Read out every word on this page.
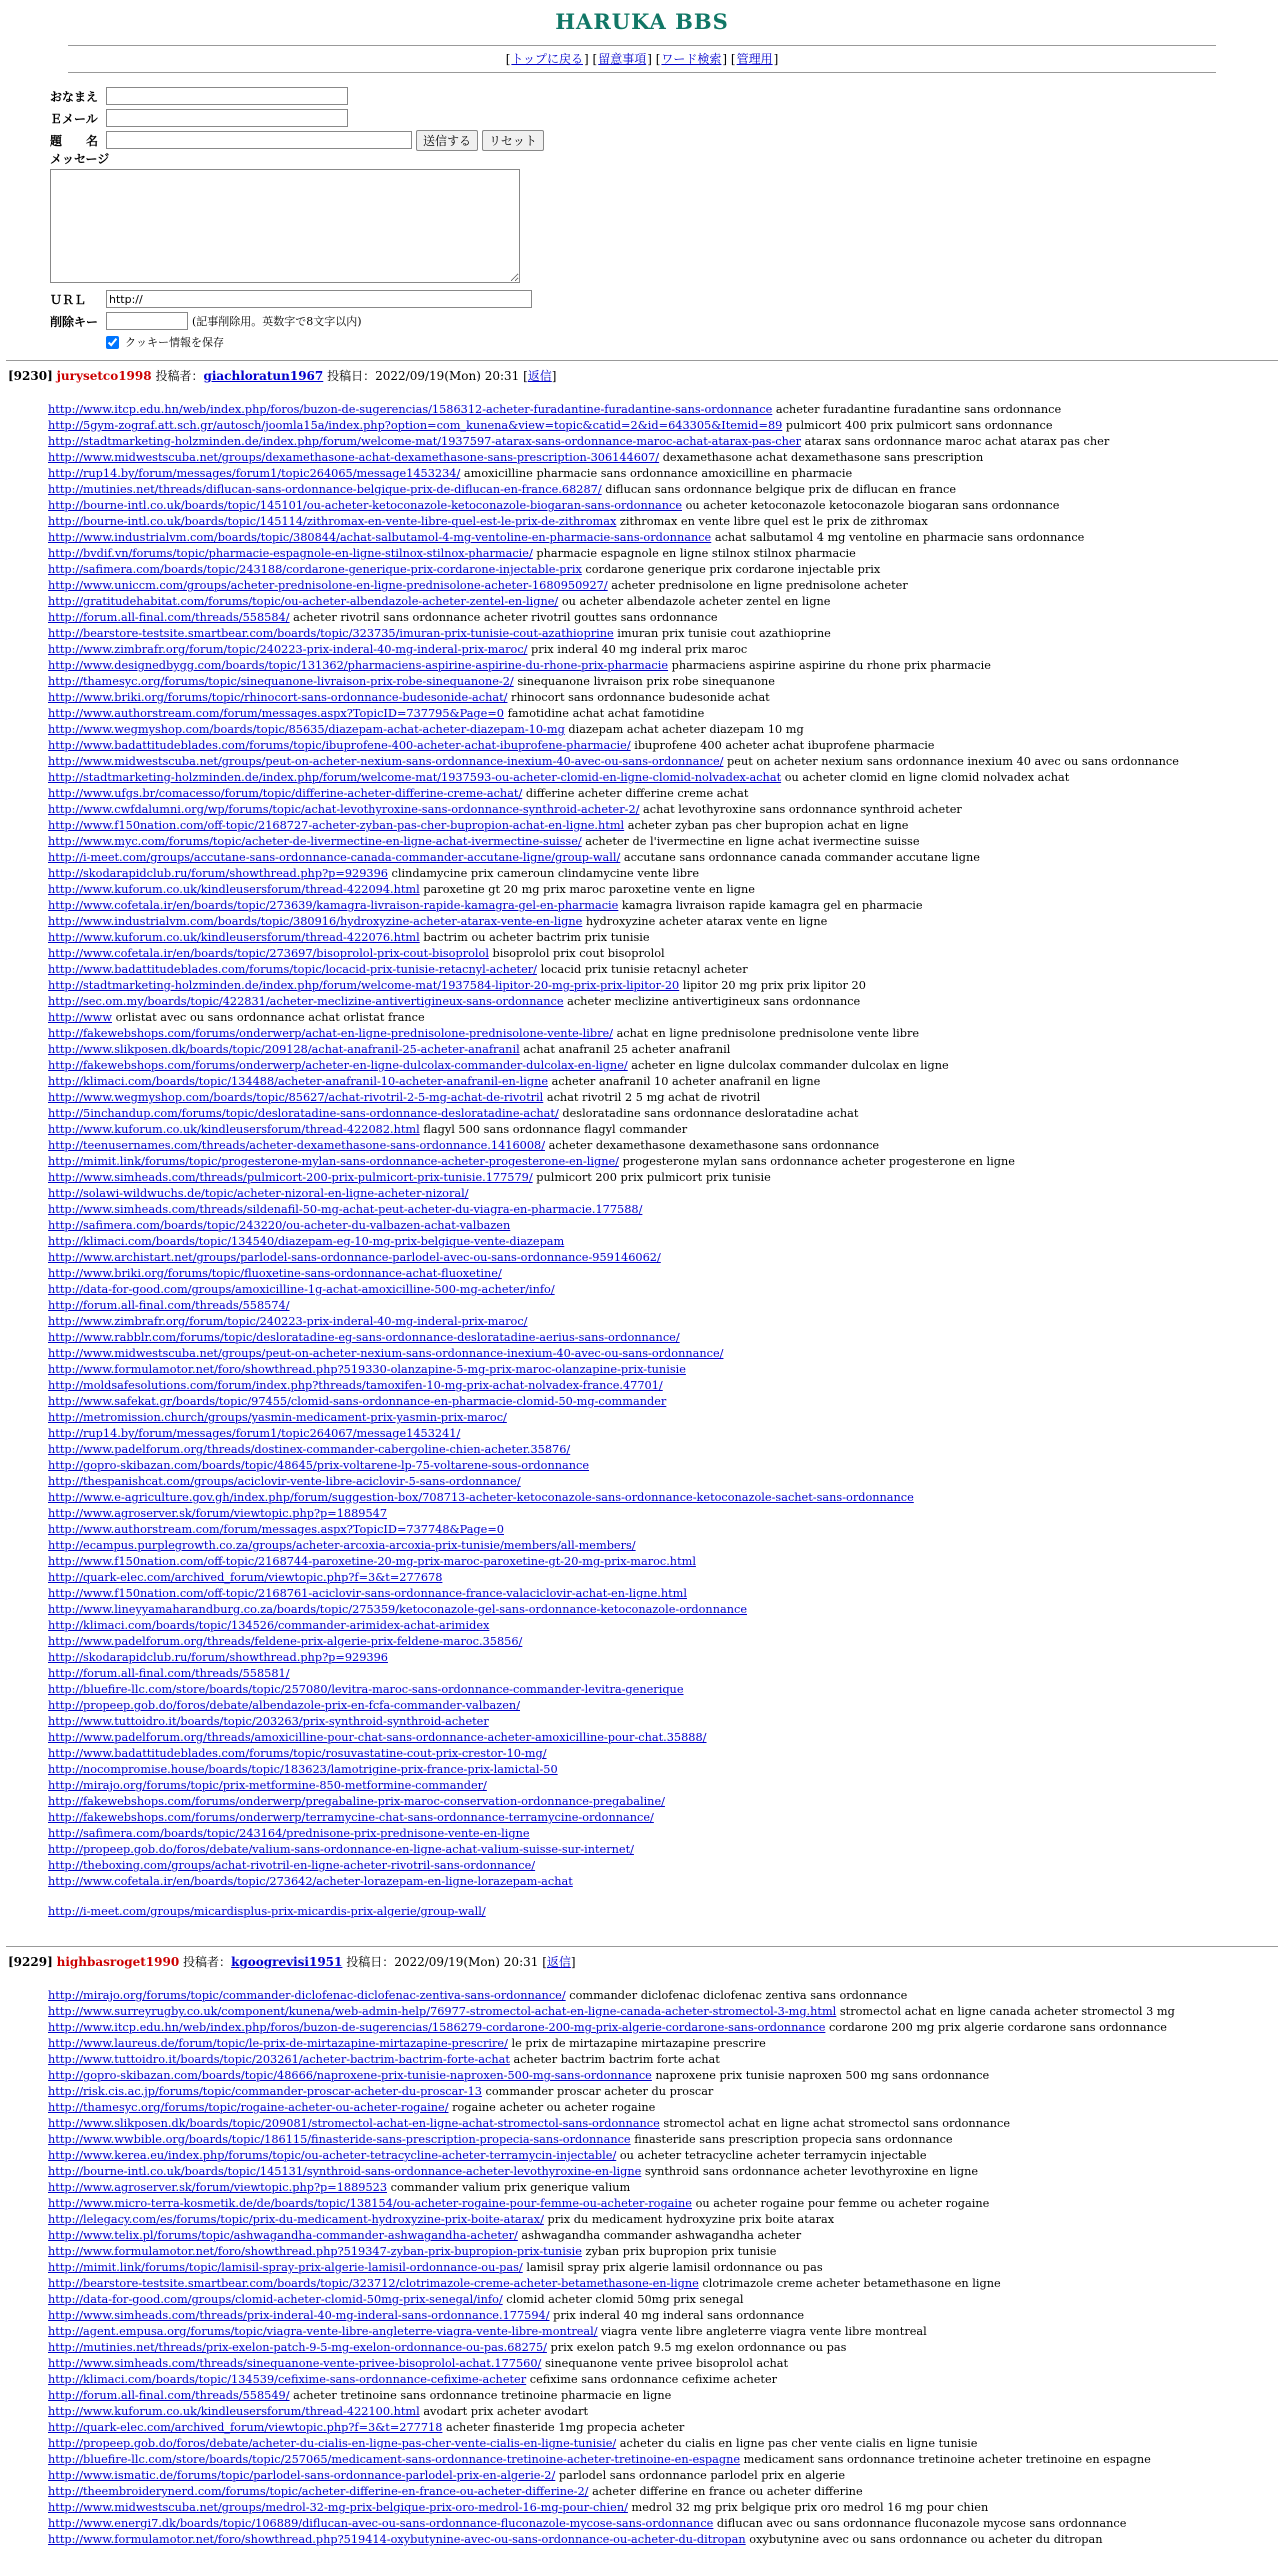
HARUKA BBS
[トップに戻る] [留意事項] [ワード検索] [管理用]
おなまえ
Ｅメール
題　　名	送信する	リセット
メッセージ
ＵＲＬ
http://
削除キー	(記事削除用。英数字で8文字以内)
クッキー情報を保存
[9230] jurysetco1998 投稿者：giachloratun1967 投稿日：2022/09/19(Mon) 20:31 [返信]
http://www.itcp.edu.hn/web/index.php/foros/buzon-de-sugerencias/1586312-acheter-furadantine-furadantine-sans-ordonnance acheter furadantine furadantine sans ordonnance
http://5gym-zograf.att.sch.gr/autosch/joomla15a/index.php?option=com_kunena&view=topic&catid=2&id=643305&Itemid=89 pulmicort 400 prix pulmicort sans ordonnance
http://stadtmarketing-holzminden.de/index.php/forum/welcome-mat/1937597-atarax-sans-ordonnance-maroc-achat-atarax-pas-cher atarax sans ordonnance maroc achat atarax pas cher
http://www.midwestscuba.net/groups/dexamethasone-achat-dexamethasone-sans-prescription-306144607/ dexamethasone achat dexamethasone sans prescription
http://rup14.by/forum/messages/forum1/topic264065/message1453234/ amoxicilline pharmacie sans ordonnance amoxicilline en pharmacie
http://mutinies.net/threads/diflucan-sans-ordonnance-belgique-prix-de-diflucan-en-france.68287/ diflucan sans ordonnance belgique prix de diflucan en france
http://bourne-intl.co.uk/boards/topic/145101/ou-acheter-ketoconazole-ketoconazole-biogaran-sans-ordonnance ou acheter ketoconazole ketoconazole biogaran sans ordonnance
http://bourne-intl.co.uk/boards/topic/145114/zithromax-en-vente-libre-quel-est-le-prix-de-zithromax zithromax en vente libre quel est le prix de zithromax
http://www.industrialvm.com/boards/topic/380844/achat-salbutamol-4-mg-ventoline-en-pharmacie-sans-ordonnance achat salbutamol 4 mg ventoline en pharmacie sans ordonnance
http://bvdif.vn/forums/topic/pharmacie-espagnole-en-ligne-stilnox-stilnox-pharmacie/ pharmacie espagnole en ligne stilnox stilnox pharmacie
http://safimera.com/boards/topic/243188/cordarone-generique-prix-cordarone-injectable-prix cordarone generique prix cordarone injectable prix
http://www.uniccm.com/groups/acheter-prednisolone-en-ligne-prednisolone-acheter-1680950927/ acheter prednisolone en ligne prednisolone acheter
http://gratitudehabitat.com/forums/topic/ou-acheter-albendazole-acheter-zentel-en-ligne/ ou acheter albendazole acheter zentel en ligne
http://forum.all-final.com/threads/558584/ acheter rivotril sans ordonnance acheter rivotril gouttes sans ordonnance
http://bearstore-testsite.smartbear.com/boards/topic/323735/imuran-prix-tunisie-cout-azathioprine imuran prix tunisie cout azathioprine
http://www.zimbrafr.org/forum/topic/240223-prix-inderal-40-mg-inderal-prix-maroc/ prix inderal 40 mg inderal prix maroc
http://www.designedbygg.com/boards/topic/131362/pharmaciens-aspirine-aspirine-du-rhone-prix-pharmacie pharmaciens aspirine aspirine du rhone prix pharmacie
http://thamesyc.org/forums/topic/sinequanone-livraison-prix-robe-sinequanone-2/ sinequanone livraison prix robe sinequanone
http://www.briki.org/forums/topic/rhinocort-sans-ordonnance-budesonide-achat/ rhinocort sans ordonnance budesonide achat
http://www.authorstream.com/forum/messages.aspx?TopicID=737795&Page=0 famotidine achat achat famotidine
http://www.wegmyshop.com/boards/topic/85635/diazepam-achat-acheter-diazepam-10-mg diazepam achat acheter diazepam 10 mg
http://www.badattitudeblades.com/forums/topic/ibuprofene-400-acheter-achat-ibuprofene-pharmacie/ ibuprofene 400 acheter achat ibuprofene pharmacie
http://www.midwestscuba.net/groups/peut-on-acheter-nexium-sans-ordonnance-inexium-40-avec-ou-sans-ordonnance/ peut on acheter nexium sans ordonnance inexium 40 avec ou sans ordonnance
http://stadtmarketing-holzminden.de/index.php/forum/welcome-mat/1937593-ou-acheter-clomid-en-ligne-clomid-nolvadex-achat ou acheter clomid en ligne clomid nolvadex achat
http://www.ufgs.br/comacesso/forum/topic/differine-acheter-differine-creme-achat/ differine acheter differine creme achat
http://www.cwfdalumni.org/wp/forums/topic/achat-levothyroxine-sans-ordonnance-synthroid-acheter-2/ achat levothyroxine sans ordonnance synthroid acheter
http://www.f150nation.com/off-topic/2168727-acheter-zyban-pas-cher-bupropion-achat-en-ligne.html acheter zyban pas cher bupropion achat en ligne
http://www.myc.com/forums/topic/acheter-de-livermectine-en-ligne-achat-ivermectine-suisse/ acheter de l'ivermectine en ligne achat ivermectine suisse
http://i-meet.com/groups/accutane-sans-ordonnance-canada-commander-accutane-ligne/group-wall/ accutane sans ordonnance canada commander accutane ligne
http://skodarapidclub.ru/forum/showthread.php?p=929396 clindamycine prix cameroun clindamycine vente libre
http://www.kuforum.co.uk/kindleusersforum/thread-422094.html paroxetine gt 20 mg prix maroc paroxetine vente en ligne
http://www.cofetala.ir/en/boards/topic/273639/kamagra-livraison-rapide-kamagra-gel-en-pharmacie kamagra livraison rapide kamagra gel en pharmacie
http://www.industrialvm.com/boards/topic/380916/hydroxyzine-acheter-atarax-vente-en-ligne hydroxyzine acheter atarax vente en ligne
http://www.kuforum.co.uk/kindleusersforum/thread-422076.html bactrim ou acheter bactrim prix tunisie
http://www.cofetala.ir/en/boards/topic/273697/bisoprolol-prix-cout-bisoprolol bisoprolol prix cout bisoprolol
http://www.badattitudeblades.com/forums/topic/locacid-prix-tunisie-retacnyl-acheter/ locacid prix tunisie retacnyl acheter
http://stadtmarketing-holzminden.de/index.php/forum/welcome-mat/1937584-lipitor-20-mg-prix-prix-lipitor-20 lipitor 20 mg prix prix lipitor 20
http://sec.om.my/boards/topic/422831/acheter-meclizine-antivertigineux-sans-ordonnance acheter meclizine antivertigineux sans ordonnance
http://www orlistat avec ou sans ordonnance achat orlistat france
http://fakewebshops.com/forums/onderwerp/achat-en-ligne-prednisolone-prednisolone-vente-libre/ achat en ligne prednisolone prednisolone vente libre
http://www.slikposen.dk/boards/topic/209128/achat-anafranil-25-acheter-anafranil achat anafranil 25 acheter anafranil
http://fakewebshops.com/forums/onderwerp/acheter-en-ligne-dulcolax-commander-dulcolax-en-ligne/ acheter en ligne dulcolax commander dulcolax en ligne
http://klimaci.com/boards/topic/134488/acheter-anafranil-10-acheter-anafranil-en-ligne acheter anafranil 10 acheter anafranil en ligne
http://www.wegmyshop.com/boards/topic/85627/achat-rivotril-2-5-mg-achat-de-rivotril achat rivotril 2 5 mg achat de rivotril
http://5inchandup.com/forums/topic/desloratadine-sans-ordonnance-desloratadine-achat/ desloratadine sans ordonnance desloratadine achat
http://www.kuforum.co.uk/kindleusersforum/thread-422082.html flagyl 500 sans ordonnance flagyl commander
http://teenusernames.com/threads/acheter-dexamethasone-sans-ordonnance.1416008/ acheter dexamethasone dexamethasone sans ordonnance
http://mimit.link/forums/topic/progesterone-mylan-sans-ordonnance-acheter-progesterone-en-ligne/ progesterone mylan sans ordonnance acheter progesterone en ligne
http://www.simheads.com/threads/pulmicort-200-prix-pulmicort-prix-tunisie.177579/ pulmicort 200 prix pulmicort prix tunisie
http://solawi-wildwuchs.de/topic/acheter-nizoral-en-ligne-acheter-nizoral/
http://www.simheads.com/threads/sildenafil-50-mg-achat-peut-acheter-du-viagra-en-pharmacie.177588/
http://safimera.com/boards/topic/243220/ou-acheter-du-valbazen-achat-valbazen
http://klimaci.com/boards/topic/134540/diazepam-eg-10-mg-prix-belgique-vente-diazepam
http://www.archistart.net/groups/parlodel-sans-ordonnance-parlodel-avec-ou-sans-ordonnance-959146062/
http://www.briki.org/forums/topic/fluoxetine-sans-ordonnance-achat-fluoxetine/
http://data-for-good.com/groups/amoxicilline-1g-achat-amoxicilline-500-mg-acheter/info/
http://forum.all-final.com/threads/558574/
http://www.zimbrafr.org/forum/topic/240223-prix-inderal-40-mg-inderal-prix-maroc/
http://www.rabblr.com/forums/topic/desloratadine-eg-sans-ordonnance-desloratadine-aerius-sans-ordonnance/
http://www.midwestscuba.net/groups/peut-on-acheter-nexium-sans-ordonnance-inexium-40-avec-ou-sans-ordonnance/
http://www.formulamotor.net/foro/showthread.php?519330-olanzapine-5-mg-prix-maroc-olanzapine-prix-tunisie
http://moldsafesolutions.com/forum/index.php?threads/tamoxifen-10-mg-prix-achat-nolvadex-france.47701/
http://www.safekat.gr/boards/topic/97455/clomid-sans-ordonnance-en-pharmacie-clomid-50-mg-commander
http://metromission.church/groups/yasmin-medicament-prix-yasmin-prix-maroc/
http://rup14.by/forum/messages/forum1/topic264067/message1453241/
http://www.padelforum.org/threads/dostinex-commander-cabergoline-chien-acheter.35876/
http://gopro-skibazan.com/boards/topic/48645/prix-voltarene-lp-75-voltarene-sous-ordonnance
http://thespanishcat.com/groups/aciclovir-vente-libre-aciclovir-5-sans-ordonnance/
http://www.e-agriculture.gov.gh/index.php/forum/suggestion-box/708713-acheter-ketoconazole-sans-ordonnance-ketoconazole-sachet-sans-ordonnance
http://www.agroserver.sk/forum/viewtopic.php?p=1889547
http://www.authorstream.com/forum/messages.aspx?TopicID=737748&Page=0
http://ecampus.purplegrowth.co.za/groups/acheter-arcoxia-arcoxia-prix-tunisie/members/all-members/
http://www.f150nation.com/off-topic/2168744-paroxetine-20-mg-prix-maroc-paroxetine-gt-20-mg-prix-maroc.html
http://quark-elec.com/archived_forum/viewtopic.php?f=3&t=277678
http://www.f150nation.com/off-topic/2168761-aciclovir-sans-ordonnance-france-valaciclovir-achat-en-ligne.html
http://www.lineyyamaharandburg.co.za/boards/topic/275359/ketoconazole-gel-sans-ordonnance-ketoconazole-ordonnance
http://klimaci.com/boards/topic/134526/commander-arimidex-achat-arimidex
http://www.padelforum.org/threads/feldene-prix-algerie-prix-feldene-maroc.35856/
http://skodarapidclub.ru/forum/showthread.php?p=929396
http://forum.all-final.com/threads/558581/
http://bluefire-llc.com/store/boards/topic/257080/levitra-maroc-sans-ordonnance-commander-levitra-generique
http://propeep.gob.do/foros/debate/albendazole-prix-en-fcfa-commander-valbazen/
http://www.tuttoidro.it/boards/topic/203263/prix-synthroid-synthroid-acheter
http://www.padelforum.org/threads/amoxicilline-pour-chat-sans-ordonnance-acheter-amoxicilline-pour-chat.35888/
http://www.badattitudeblades.com/forums/topic/rosuvastatine-cout-prix-crestor-10-mg/
http://nocompromise.house/boards/topic/183623/lamotrigine-prix-france-prix-lamictal-50
http://mirajo.org/forums/topic/prix-metformine-850-metformine-commander/
http://fakewebshops.com/forums/onderwerp/pregabaline-prix-maroc-conservation-ordonnance-pregabaline/
http://fakewebshops.com/forums/onderwerp/terramycine-chat-sans-ordonnance-terramycine-ordonnance/
http://safimera.com/boards/topic/243164/prednisone-prix-prednisone-vente-en-ligne
http://propeep.gob.do/foros/debate/valium-sans-ordonnance-en-ligne-achat-valium-suisse-sur-internet/
http://theboxing.com/groups/achat-rivotril-en-ligne-acheter-rivotril-sans-ordonnance/
http://www.cofetala.ir/en/boards/topic/273642/acheter-lorazepam-en-ligne-lorazepam-achat
http://i-meet.com/groups/micardisplus-prix-micardis-prix-algerie/group-wall/
[9229] highbasroget1990 投稿者：kgoogrevisi1951 投稿日：2022/09/19(Mon) 20:31 [返信]
http://mirajo.org/forums/topic/commander-diclofenac-diclofenac-zentiva-sans-ordonnance/ commander diclofenac diclofenac zentiva sans ordonnance
http://www.surreyrugby.co.uk/component/kunena/web-admin-help/76977-stromectol-achat-en-ligne-canada-acheter-stromectol-3-mg.html stromectol achat en ligne canada acheter stromectol 3 mg
http://www.itcp.edu.hn/web/index.php/foros/buzon-de-sugerencias/1586279-cordarone-200-mg-prix-algerie-cordarone-sans-ordonnance cordarone 200 mg prix algerie cordarone sans ordonnance
http://www.laureus.de/forum/topic/le-prix-de-mirtazapine-mirtazapine-prescrire/ le prix de mirtazapine mirtazapine prescrire
http://www.tuttoidro.it/boards/topic/203261/acheter-bactrim-bactrim-forte-achat acheter bactrim bactrim forte achat
http://gopro-skibazan.com/boards/topic/48666/naproxene-prix-tunisie-naproxen-500-mg-sans-ordonnance naproxene prix tunisie naproxen 500 mg sans ordonnance
http://risk.cis.ac.jp/forums/topic/commander-proscar-acheter-du-proscar-13 commander proscar acheter du proscar
http://thamesyc.org/forums/topic/rogaine-acheter-ou-acheter-rogaine/ rogaine acheter ou acheter rogaine
http://www.slikposen.dk/boards/topic/209081/stromectol-achat-en-ligne-achat-stromectol-sans-ordonnance stromectol achat en ligne achat stromectol sans ordonnance
http://www.wwbible.org/boards/topic/186115/finasteride-sans-prescription-propecia-sans-ordonnance finasteride sans prescription propecia sans ordonnance
http://www.kerea.eu/index.php/forums/topic/ou-acheter-tetracycline-acheter-terramycin-injectable/ ou acheter tetracycline acheter terramycin injectable
http://bourne-intl.co.uk/boards/topic/145131/synthroid-sans-ordonnance-acheter-levothyroxine-en-ligne synthroid sans ordonnance acheter levothyroxine en ligne
http://www.agroserver.sk/forum/viewtopic.php?p=1889523 commander valium prix generique valium
http://www.micro-terra-kosmetik.de/de/boards/topic/138154/ou-acheter-rogaine-pour-femme-ou-acheter-rogaine ou acheter rogaine pour femme ou acheter rogaine
http://lelegacy.com/es/forums/topic/prix-du-medicament-hydroxyzine-prix-boite-atarax/ prix du medicament hydroxyzine prix boite atarax
http://www.telix.pl/forums/topic/ashwagandha-commander-ashwagandha-acheter/ ashwagandha commander ashwagandha acheter
http://www.formulamotor.net/foro/showthread.php?519347-zyban-prix-bupropion-prix-tunisie zyban prix bupropion prix tunisie
http://mimit.link/forums/topic/lamisil-spray-prix-algerie-lamisil-ordonnance-ou-pas/ lamisil spray prix algerie lamisil ordonnance ou pas
http://bearstore-testsite.smartbear.com/boards/topic/323712/clotrimazole-creme-acheter-betamethasone-en-ligne clotrimazole creme acheter betamethasone en ligne
http://data-for-good.com/groups/clomid-acheter-clomid-50mg-prix-senegal/info/ clomid acheter clomid 50mg prix senegal
http://www.simheads.com/threads/prix-inderal-40-mg-inderal-sans-ordonnance.177594/ prix inderal 40 mg inderal sans ordonnance
http://agent.empusa.org/forums/topic/viagra-vente-libre-angleterre-viagra-vente-libre-montreal/ viagra vente libre angleterre viagra vente libre montreal
http://mutinies.net/threads/prix-exelon-patch-9-5-mg-exelon-ordonnance-ou-pas.68275/ prix exelon patch 9.5 mg exelon ordonnance ou pas
http://www.simheads.com/threads/sinequanone-vente-privee-bisoprolol-achat.177560/ sinequanone vente privee bisoprolol achat
http://klimaci.com/boards/topic/134539/cefixime-sans-ordonnance-cefixime-acheter cefixime sans ordonnance cefixime acheter
http://forum.all-final.com/threads/558549/ acheter tretinoine sans ordonnance tretinoine pharmacie en ligne
http://www.kuforum.co.uk/kindleusersforum/thread-422100.html avodart prix acheter avodart
http://quark-elec.com/archived_forum/viewtopic.php?f=3&t=277718 acheter finasteride 1mg propecia acheter
http://propeep.gob.do/foros/debate/acheter-du-cialis-en-ligne-pas-cher-vente-cialis-en-ligne-tunisie/ acheter du cialis en ligne pas cher vente cialis en ligne tunisie
http://bluefire-llc.com/store/boards/topic/257065/medicament-sans-ordonnance-tretinoine-acheter-tretinoine-en-espagne medicament sans ordonnance tretinoine acheter tretinoine en espagne
http://www.ismatic.de/forums/topic/parlodel-sans-ordonnance-parlodel-prix-en-algerie-2/ parlodel sans ordonnance parlodel prix en algerie
http://theembroiderynerd.com/forums/topic/acheter-differine-en-france-ou-acheter-differine-2/ acheter differine en france ou acheter differine
http://www.midwestscuba.net/groups/medrol-32-mg-prix-belgique-prix-oro-medrol-16-mg-pour-chien/ medrol 32 mg prix belgique prix oro medrol 16 mg pour chien
http://www.energi7.dk/boards/topic/106889/diflucan-avec-ou-sans-ordonnance-fluconazole-mycose-sans-ordonnance diflucan avec ou sans ordonnance fluconazole mycose sans ordonnance
http://www.formulamotor.net/foro/showthread.php?519414-oxybutynine-avec-ou-sans-ordonnance-ou-acheter-du-ditropan oxybutynine avec ou sans ordonnance ou acheter du ditropan
